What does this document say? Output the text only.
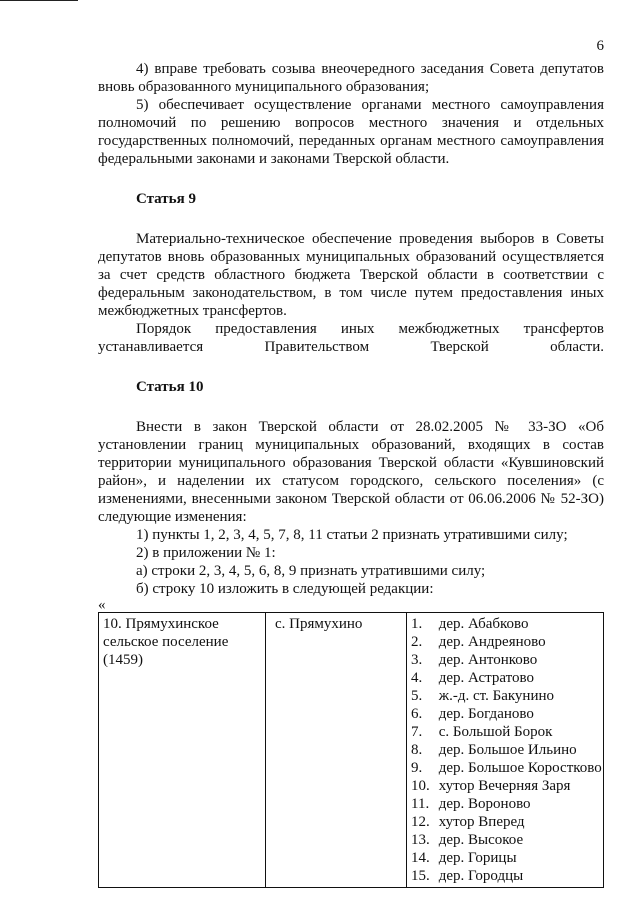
6

4) вправе требовать созыва внеочередного заседания Совета депутатов вновь образованного муниципального образования;

5) обеспечивает осуществление органами местного самоуправления полномочий по решению вопросов местного значения и отдельных государственных полномочий, переданных органам местного самоуправления федеральными законами и законами Тверской области.

Статья 9

Материально-техническое обеспечение проведения выборов в Советы депутатов вновь образованных муниципальных образований осуществляется за счет средств областного бюджета Тверской области в соответствии с федеральным законодательством, в том числе путем предоставления иных межбюджетных трансфертов.

Порядок предоставления иных межбюджетных трансфертов устанавливается Правительством Тверской области.

Статья 10

Внести в закон Тверской области от 28.02.2005 № 33-ЗО «Об установлении границ муниципальных образований, входящих в состав территории муниципального образования Тверской области «Кувшиновский район», и наделении их статусом городского, сельского поселения» (с изменениями, внесенными законом Тверской области от 06.06.2006 № 52-ЗО) следующие изменения:

1) пункты 1, 2, 3, 4, 5, 7, 8, 11 статьи 2 признать утратившими силу;

2) в приложении № 1:

а) строки 2, 3, 4, 5, 6, 8, 9 признать утратившими силу;

б) строку 10 изложить в следующей редакции:

«

10. Прямухинское сельское поселение (1459)	с. Прямухино	1. дер. Абабково
2. дер. Андреяново
3. дер. Антонково
4. дер. Астратово
5. ж.-д. ст. Бакунино
6. дер. Богданово
7. с. Большой Борок
8. дер. Большое Ильино
9. дер. Большое Коростково
10. хутор Вечерняя Заря
11. дер. Вороново
12. хутор Вперед
13. дер. Высокое
14. дер. Горицы
15. дер. Городцы
